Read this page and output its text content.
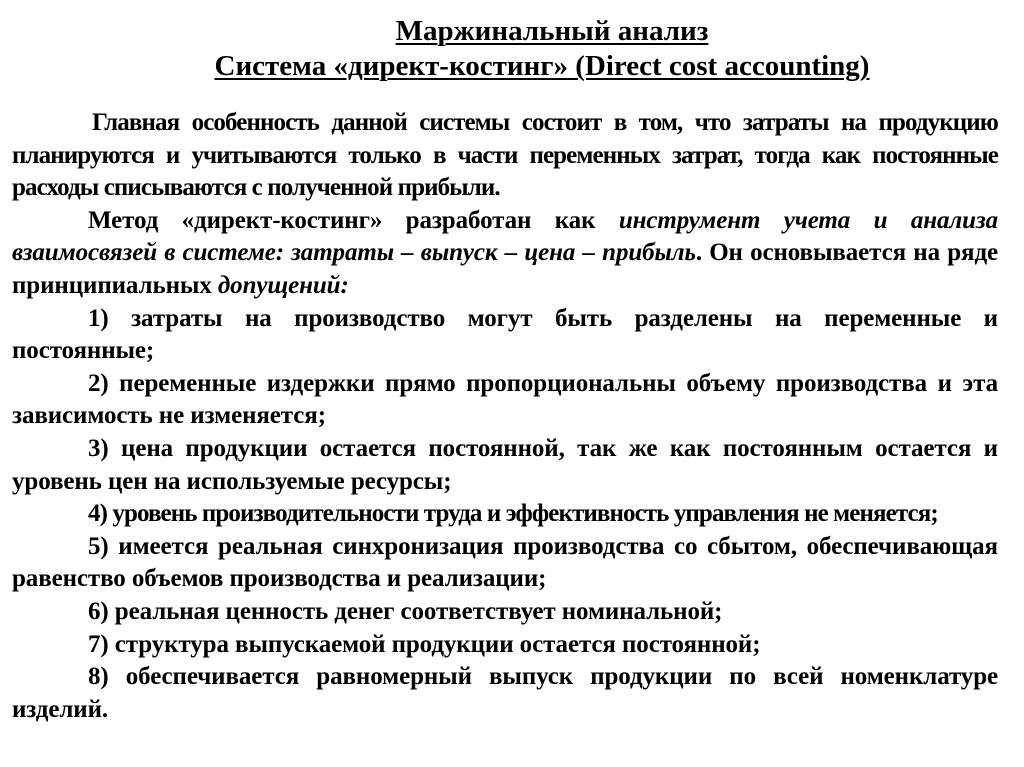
Маржинальный анализ
Система «директ-костинг» (Direct cost accounting)

Главная особенность данной системы состоит в том, что затраты на продукцию планируются и учитываются только в части переменных затрат, тогда как постоянные расходы списываются с полученной прибыли.

Метод «директ-костинг» разработан как инструмент учета и анализа взаимосвязей в системе: затраты – выпуск – цена – прибыль. Он основывается на ряде принципиальных допущений:

1) затраты на производство могут быть разделены на переменные и постоянные;

2) переменные издержки прямо пропорциональны объему производства и эта зависимость не изменяется;

3) цена продукции остается постоянной, так же как постоянным остается и уровень цен на используемые ресурсы;

4) уровень производительности труда и эффективность управления не меняется;

5) имеется реальная синхронизация производства со сбытом, обеспечивающая равенство объемов производства и реализации;

6) реальная ценность денег соответствует номинальной;

7) структура выпускаемой продукции остается постоянной;

8) обеспечивается равномерный выпуск продукции по всей номенклатуре изделий.
